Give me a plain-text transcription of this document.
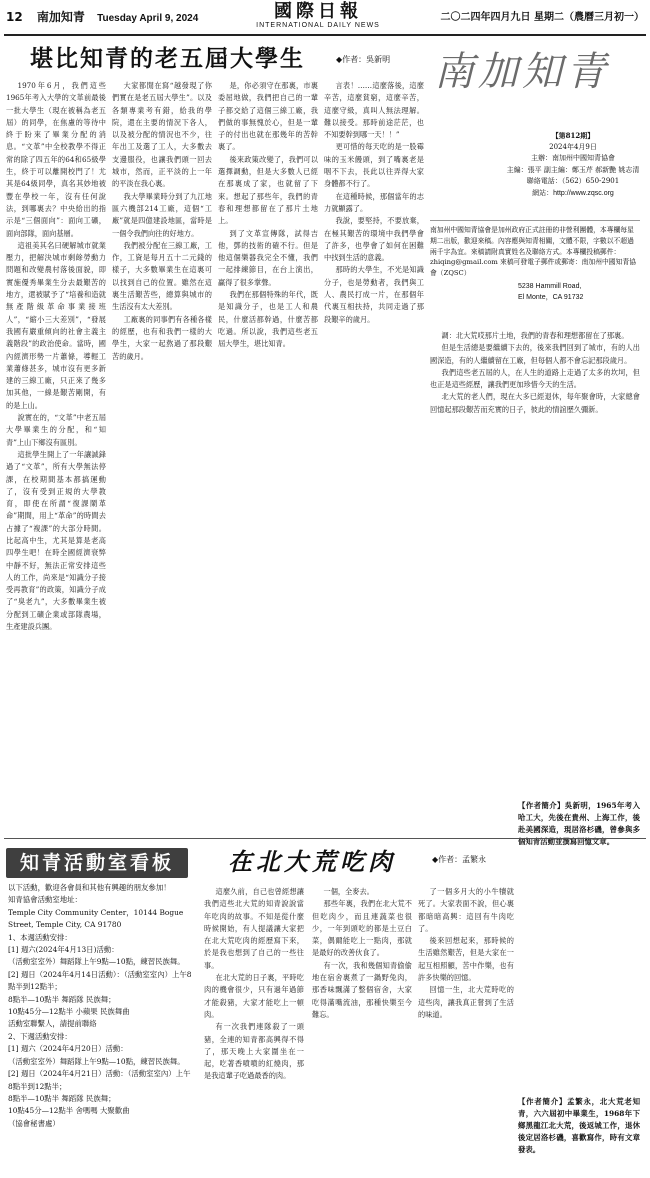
12 南加知青 Tuesday April 9, 2024	國際日報
INTERNATIONAL DAILY NEWS
二〇二四年四月九日 星期二（農曆三月初一）
堪比知青的老五屆大學生	◆作者：吳新明

1970年6月，我們這些1965年考入大學的文革前最後一批大學生（現在被稱為老五屆）的同學，在焦慮的等待中終于盼來了畢業分配的消息。“文革”中全校教學不得正常的除了四五年的64和65級學生，終于可以離開校門了！尤其是64級同學，真名其妙地被豐在學校一年，沒有任何說法，到哪裏去？中央給出的指示是“三個面向”：面向工礦，面向部隊，面向基層。

這祖美其名曰硬解城市就業壓力，把解決城市剩餘勞動力問題和改變農村落後面貌，即實施優秀畢業生分去最艱苦的地方，還被賦予了“培養和造就無產階級革命事業接班人”，“縮小三大差別”，“發展我國有嚴重傾向的社會主義主義階段”的政治使命。當時，國內經濟形勢一片蕭條，導輕工業蕭條甚多，城市沒有更多新建的三線工廠，只正來了幾多加其他，一線是艱苦剛開，有的是上山。

說實在的，“文革”中老五屆大學畢業生的分配，和“知青”上山下鄉沒有區別。

這批學生開上了一年讓誠鋒過了“文革”，所有大學無法停課，在校期間基本都搞運動了，沒有受到正規的大學教育，即使在所謂“復課鬧革命”期間，用上“革命”的時間去占據了“複課”的大部分時間。比起高中生，尤其是算是老高四學生吧！在時全國經濟衰弊中靜不好，無法正常安排這些人的工作，尚來是“知識分子接受再教育”的政策，知識分子成了“臭老九”，大多數畢業生被分配到工礦企業或部隊農場，生產建設兵團。

大家都閒在寫“越發現了你們實在是老五屆大學生”。以及各類專業考有錯，給我的學院，還在主要的情況下各人，以及被分配的情況也不少，往年出工及選了工人，大多數去支邊服役，也讓我們頭一回去城市，然而，正平淡的上一年的平淡在我心裏。

我大學畢業時分到了九江地區六機部214工廠，這個“工廠”就是四億建設地區，當時是一個令我們向往的好地方。

我們被分配在三線工廠，工作，工資是每月五十二元錢的樣子，大多數畢業生在這裏可以找到自己的位置。雖然在這裏生活艱苦些，總算與城市的生活沒有太大差別。

工廠裏的同事們有各種各樣的經歷，也有和我們一樣的大學生，大家一起熬過了那段艱苦的歲月。

是，你必須守在那裏，市裏委屈地做，我們把自己的一輩子都交給了這個三線工廠，我們做的事無愧於心，但是一輩子的付出也就在那幾年的苦幹裏了。

後來政策改變了，我們可以選擇調動，但是大多數人已經在那裏成了家，也就留了下來。想起了那些年，我們的青春和理想都留在了那片土地上。

到了文革宣傳隊，試得吉他，鄧的技術的確不行。但是他這個樂器我完全不懂，我們一起排練節目，在台上演出，贏得了很多掌聲。

我們在那個特殊的年代，既是知識分子，也是工人和農民，什麼活都幹過，什麼苦都吃過。所以說，我們這些老五屆大學生，堪比知青。

言表！……這麼落後，這麼辛苦，這麼貧窮，這麼辛苦，這麼守級，真叫人無法理解。難以接受。那時前途茫茫，也不知要幹到哪一天！！”

更可惜的每天吃的是一股霉味的玉米饅頭，到了嘴裏老是咽不下去，長此以往弄得大家身體都不行了。

在這種時候，那個當年的志力就顯露了。

我說，要堅持，不要放棄，在極其艱苦的環境中我們學會了許多，也學會了如何在困難中找到生活的意義。

那時的大學生，不光是知識分子，也是勞動者，我們與工人、農民打成一片，在那個年代裏互相扶持，共同走過了那段艱辛的歲月。

調：北大荒哎那片土地，我們的青春和理想都留在了那裏。

但是生活總是要繼續下去的，後來我們回到了城市，有的人出國深造，有的人繼續留在工廠，但每個人都不會忘記那段歲月。

我們這些老五屆的人，在人生的道路上走過了太多的坎坷，但也正是這些經歷，讓我們更加珍惜今天的生活。

北大荒的老人們，現在大多已經退休，每年聚會時，大家總會回憶起那段艱苦而充實的日子，彼此的情誼歷久彌新。

南加知青
【第812期】
2024年4月9日
主辦：南加州中國知青協會
主編：張平 副主編：鄭玉芹 郝新艷 姚志清
聯絡電話：（562）650-2901
網站：http://www.zqsc.org
南加州中國知青協會是加州政府正式註冊的非營利團體，本專欄每星期二出版，歡迎來稿。內容應與知青相關，文體不限，字數以不超過兩千字為宜。來稿請附真實姓名及聯絡方式。本專欄投稿郵件：zhiqing@gmail.com 來稿可發電子郵件或郵寄：南加州中國知青協會（ZQSC）
5238 Hammill Road,
El Monte，CA 91732
【作者簡介】吳新明，1965年考入哈工大，先後在貴州、上海工作，後赴美國深造，現居洛杉磯，曾參與多個知青活動並撰寫回憶文章。
知青活動室看板
以下活動，歡迎各會員和其他有興趣的朋友參加！
知青協會活動室地址：
Temple City Community Center，10144 Bogue Street, Temple City, CA 91780
1、本週活動安排：
[1] 週六(2024年4月13日)活動：
（活動室室外）舞蹈隊上午9點—10點，練習民族舞。
[2] 週日（2024年4月14日活動）：（活動室室內）上午8點半到12點半；
8點半—10點半 舞蹈隊 民族舞；
10點45分—12點半 小蘋果 民族舞曲
活動室聯繫人，請提前聯絡
2、下週活動安排：
[1] 週六（2024年4月20日）活動：
（活動室室外）舞蹈隊上午9點—10點，練習民族舞。
[2] 週日（2024年4月21日）活動：（活動室室內）上午8點半到12點半；
8點半—10點半 舞蹈隊 民族舞；
10點45分—12點半 舍嗎嗎 大聚歡曲
（協會秘書處）
在北大荒吃肉	◆作者：孟繁永

這麼久前，自己也曾經想讓我們這些北大荒的知青說說當年吃肉的故事。不知是從什麼時候開始，有人提議讓大家把在北大荒吃肉的經歷寫下來，於是我也想到了自己的一些往事。

在北大荒的日子裏，平時吃肉的機會很少，只有過年過節才能殺豬，大家才能吃上一頓肉。

有一次我們連隊殺了一頭豬，全連的知青都高興得不得了，那天晚上大家圍坐在一起，吃著香噴噴的紅燒肉，那是我這輩子吃過最香的肉。

一個，全麥去。

那些年裏，我們在北大荒不但吃肉少，而且連蔬菜也很少，一年到頭吃的都是土豆白菜，偶爾能吃上一點肉，那就是最好的改善伙食了。

有一次，我和幾個知青偷偷地在宿舍裏煮了一鍋野兔肉，那香味飄滿了整個宿舍，大家吃得滿嘴流油，那種快樂至今難忘。

了一個多月大的小牛犢就死了。大家表面不說，但心裏都暗暗高興：這回有牛肉吃了。

後來回想起來，那時候的生活雖然艱苦，但是大家在一起互相照顧，苦中作樂，也有許多快樂的回憶。

回憶一生，北大荒時吃的這些肉，讓我真正嘗到了生活的味道。

【作者簡介】孟繁永，北大荒老知青，六六屆初中畢業生，1968年下鄉黑龍江北大荒，後返城工作，退休後定居洛杉磯，喜歡寫作，時有文章發表。
